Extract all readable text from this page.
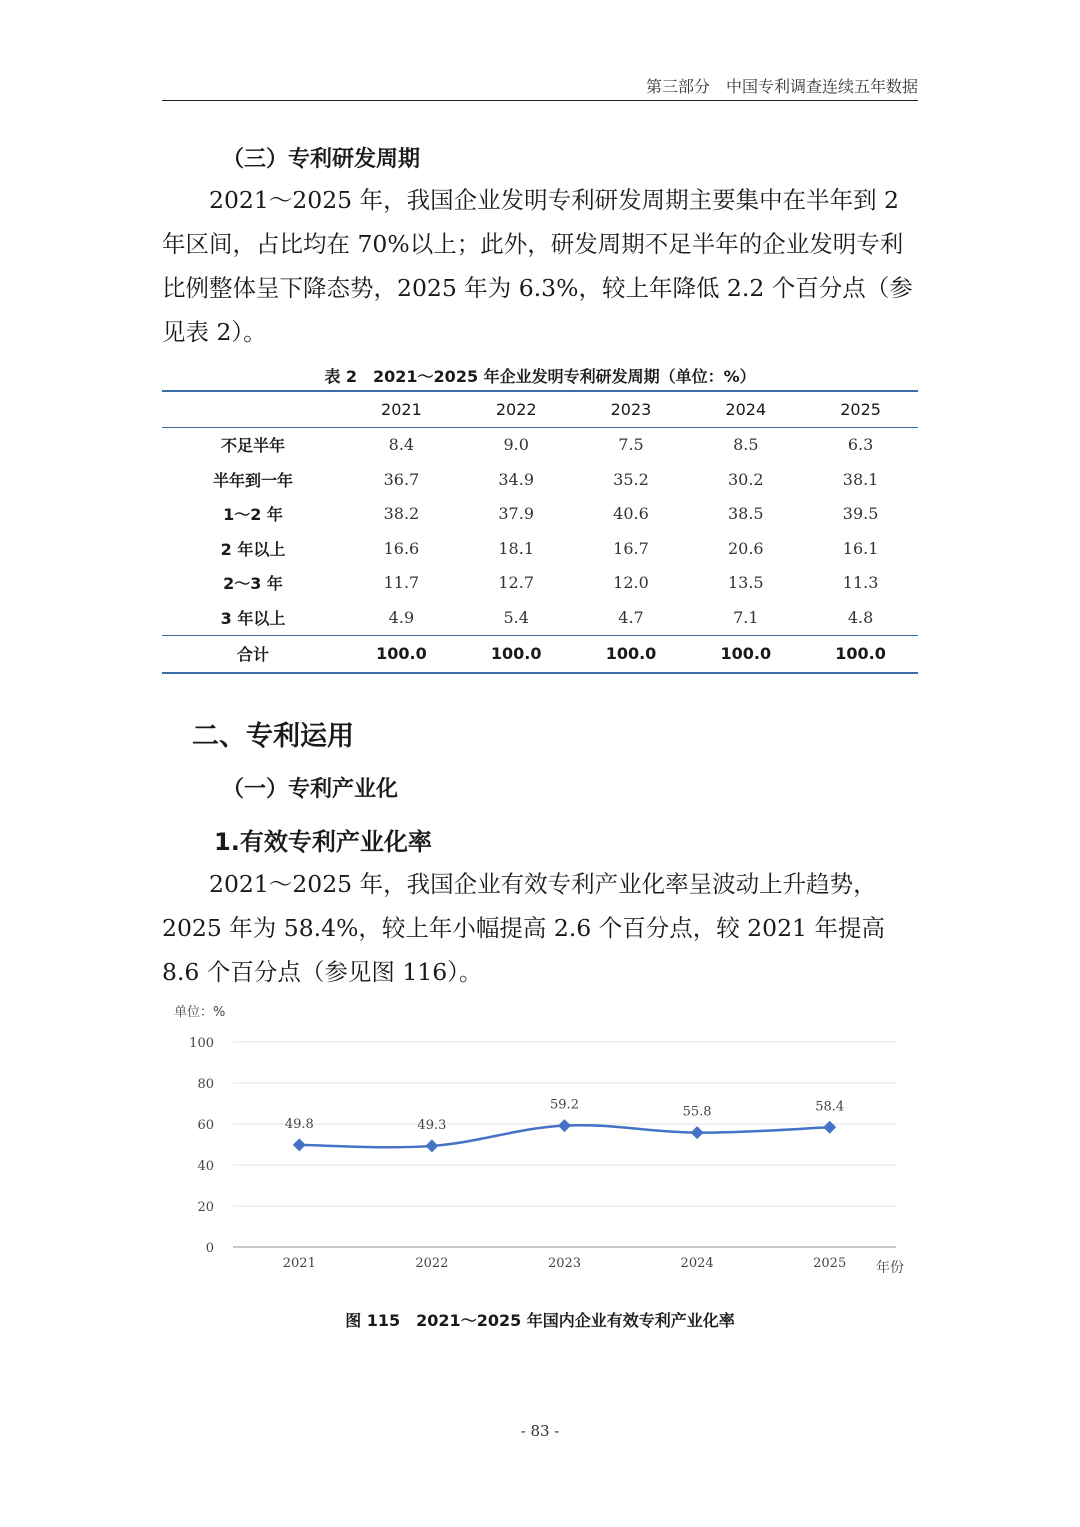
第三部分　中国专利调查连续五年数据
（三）专利研发周期

2021～2025 年，我国企业发明专利研发周期主要集中在半年到 2 年区间，占比均在 70%以上；此外，研发周期不足半年的企业发明专利比例整体呈下降态势，2025 年为 6.3%，较上年降低 2.2 个百分点（参见表 2）。

表 2　2021～2025 年企业发明专利研发周期（单位：%）
	2021	2022	2023	2024	2025
不足半年	8.4	9.0	7.5	8.5	6.3
半年到一年	36.7	34.9	35.2	30.2	38.1
1～2 年	38.2	37.9	40.6	38.5	39.5
2 年以上	16.6	18.1	16.7	20.6	16.1
2～3 年	11.7	12.7	12.0	13.5	11.3
3 年以上	4.9	5.4	4.7	7.1	4.8
合计	100.0	100.0	100.0	100.0	100.0
二、专利运用
（一）专利产业化
1.有效专利产业化率

2021～2025 年，我国企业有效专利产业化率呈波动上升趋势，2025 年为 58.4%，较上年小幅提高 2.6 个百分点，较 2021 年提高 8.6 个百分点（参见图 116）。

0
20
40
60
80
100
2021	2022	2023	2024	2025
49.8	49.3
59.2	55.8	58.4
单位：%
年份
图 115　2021～2025 年国内企业有效专利产业化率
- 83 -
